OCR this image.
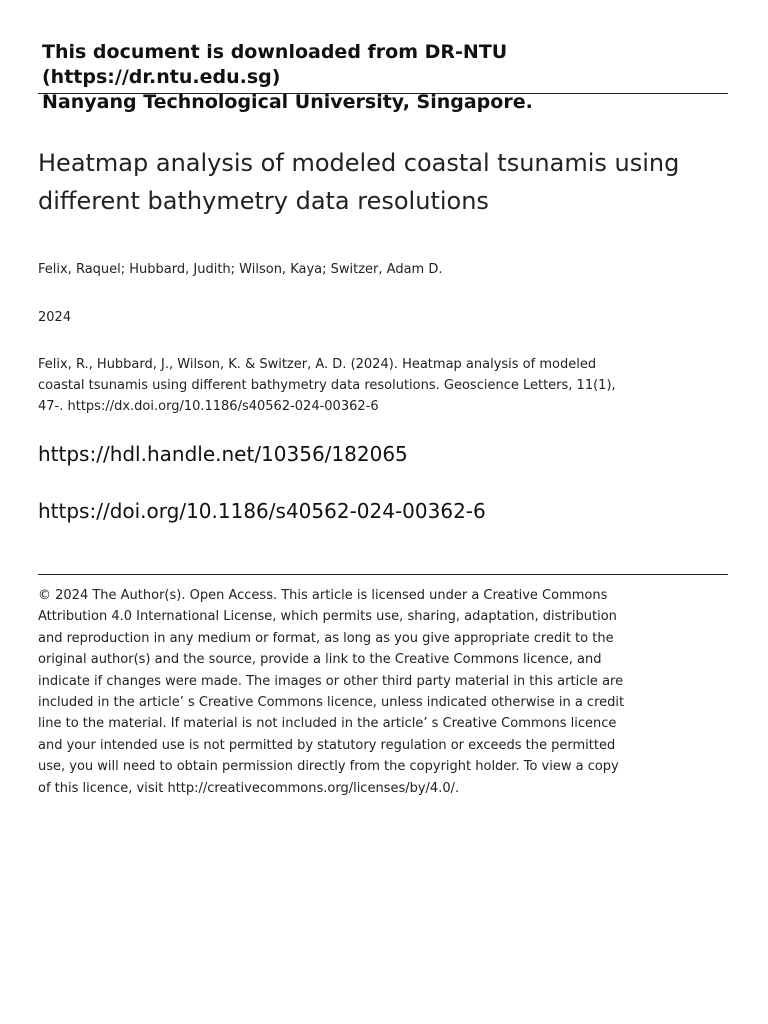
This document is downloaded from DR-NTU (https://dr.ntu.edu.sg)
Nanyang Technological University, Singapore.
Heatmap analysis of modeled coastal tsunamis using different bathymetry data resolutions
Felix, Raquel; Hubbard, Judith; Wilson, Kaya; Switzer, Adam D.
2024
Felix, R., Hubbard, J., Wilson, K. & Switzer, A. D. (2024). Heatmap analysis of modeled coastal tsunamis using different bathymetry data resolutions. Geoscience Letters, 11(1), 47-. https://dx.doi.org/10.1186/s40562-024-00362-6
https://hdl.handle.net/10356/182065
https://doi.org/10.1186/s40562-024-00362-6
© 2024 The Author(s). Open Access. This article is licensed under a Creative Commons Attribution 4.0 International License, which permits use, sharing, adaptation, distribution and reproduction in any medium or format, as long as you give appropriate credit to the original author(s) and the source, provide a link to the Creative Commons licence, and indicate if changes were made. The images or other third party material in this article are included in the article’ s Creative Commons licence, unless indicated otherwise in a credit line to the material. If material is not included in the article’ s Creative Commons licence and your intended use is not permitted by statutory regulation or exceeds the permitted use, you will need to obtain permission directly from the copyright holder. To view a copy of this licence, visit http://creativecommons.org/licenses/by/4.0/.
